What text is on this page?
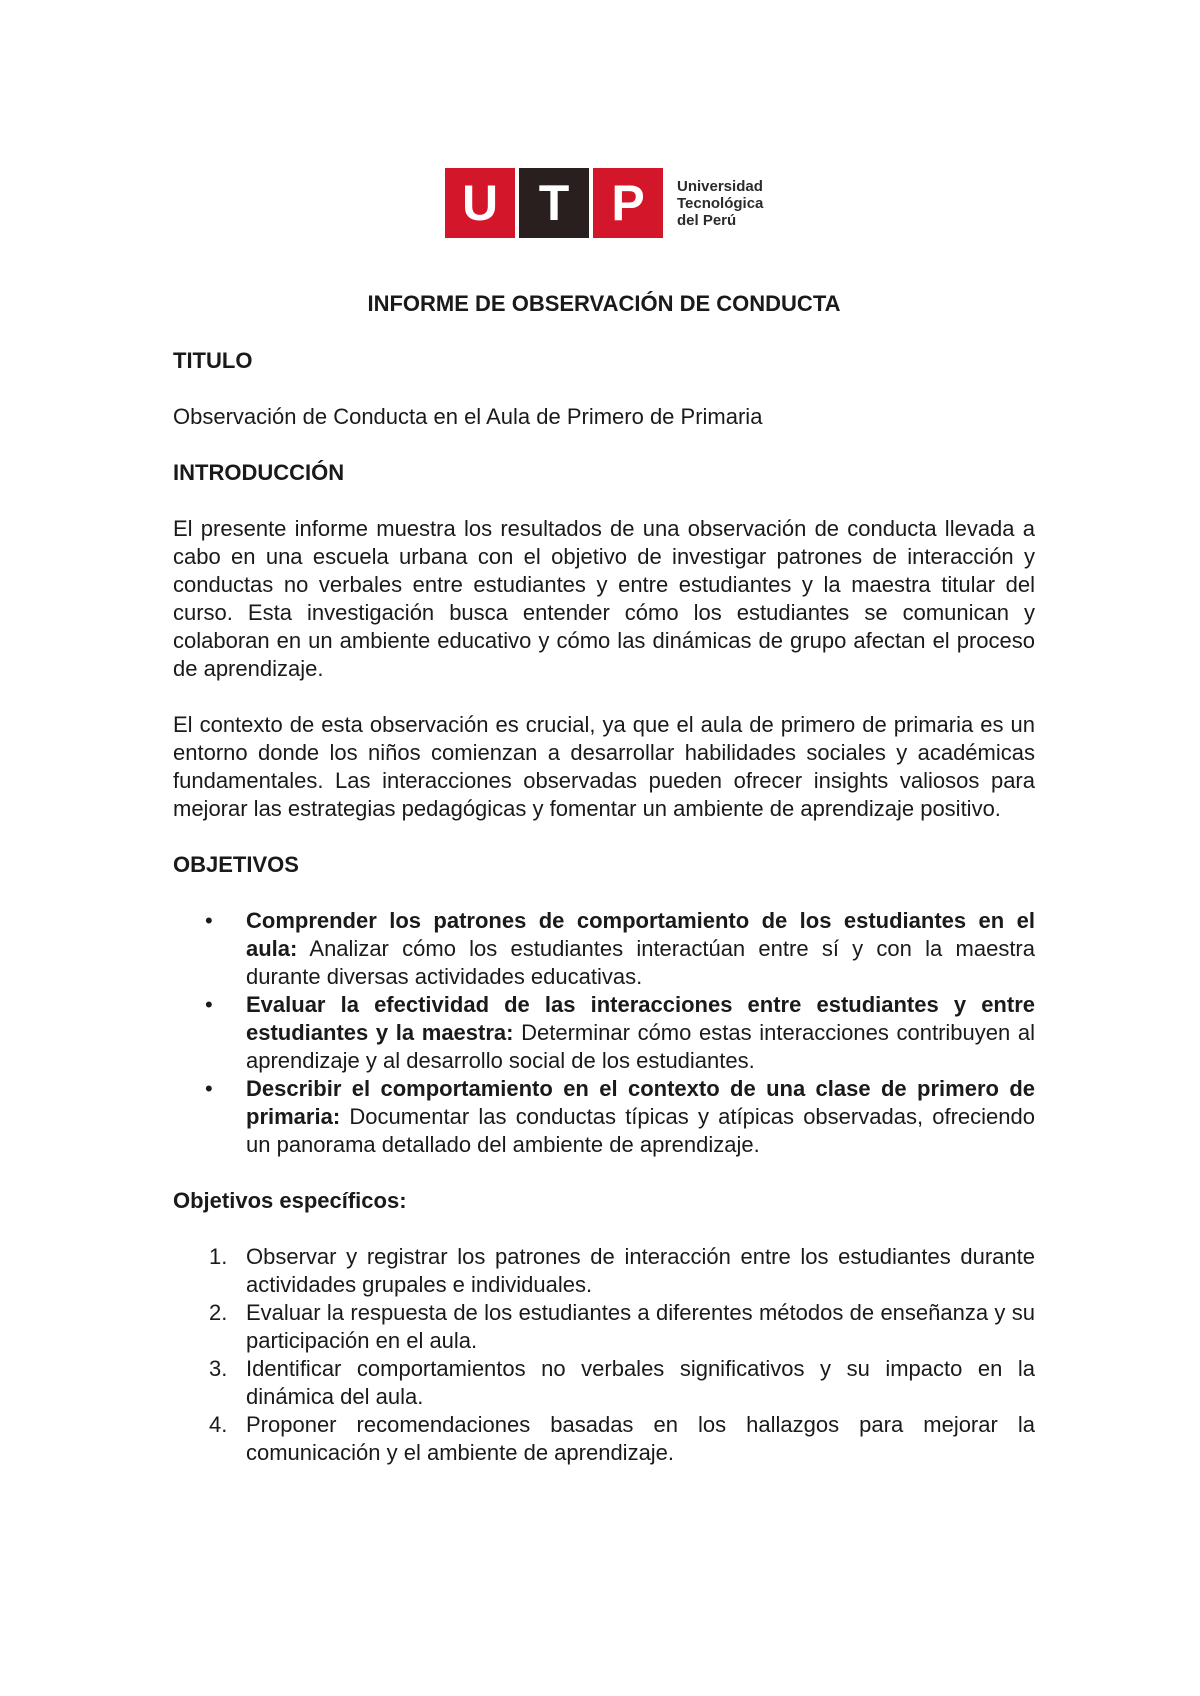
U T P	Universidad
Tecnológica
del Perú
INFORME DE OBSERVACIÓN DE CONDUCTA
TITULO
Observación de Conducta en el Aula de Primero de Primaria
INTRODUCCIÓN
El presente informe muestra los resultados de una observación de conducta llevada a cabo en una escuela urbana con el objetivo de investigar patrones de interacción y conductas no verbales entre estudiantes y entre estudiantes y la maestra titular del curso. Esta investigación busca entender cómo los estudiantes se comunican y colaboran en un ambiente educativo y cómo las dinámicas de grupo afectan el proceso de aprendizaje.
El contexto de esta observación es crucial, ya que el aula de primero de primaria es un entorno donde los niños comienzan a desarrollar habilidades sociales y académicas fundamentales. Las interacciones observadas pueden ofrecer insights valiosos para mejorar las estrategias pedagógicas y fomentar un ambiente de aprendizaje positivo.
OBJETIVOS
•	Comprender los patrones de comportamiento de los estudiantes en el aula: Analizar cómo los estudiantes interactúan entre sí y con la maestra durante diversas actividades educativas.
•	Evaluar la efectividad de las interacciones entre estudiantes y entre estudiantes y la maestra: Determinar cómo estas interacciones contribuyen al aprendizaje y al desarrollo social de los estudiantes.
•	Describir el comportamiento en el contexto de una clase de primero de primaria: Documentar las conductas típicas y atípicas observadas, ofreciendo un panorama detallado del ambiente de aprendizaje.
Objetivos específicos:
1. Observar y registrar los patrones de interacción entre los estudiantes durante actividades grupales e individuales.
2. Evaluar la respuesta de los estudiantes a diferentes métodos de enseñanza y su participación en el aula.
3. Identificar comportamientos no verbales significativos y su impacto en la dinámica del aula.
4. Proponer recomendaciones basadas en los hallazgos para mejorar la comunicación y el ambiente de aprendizaje.
